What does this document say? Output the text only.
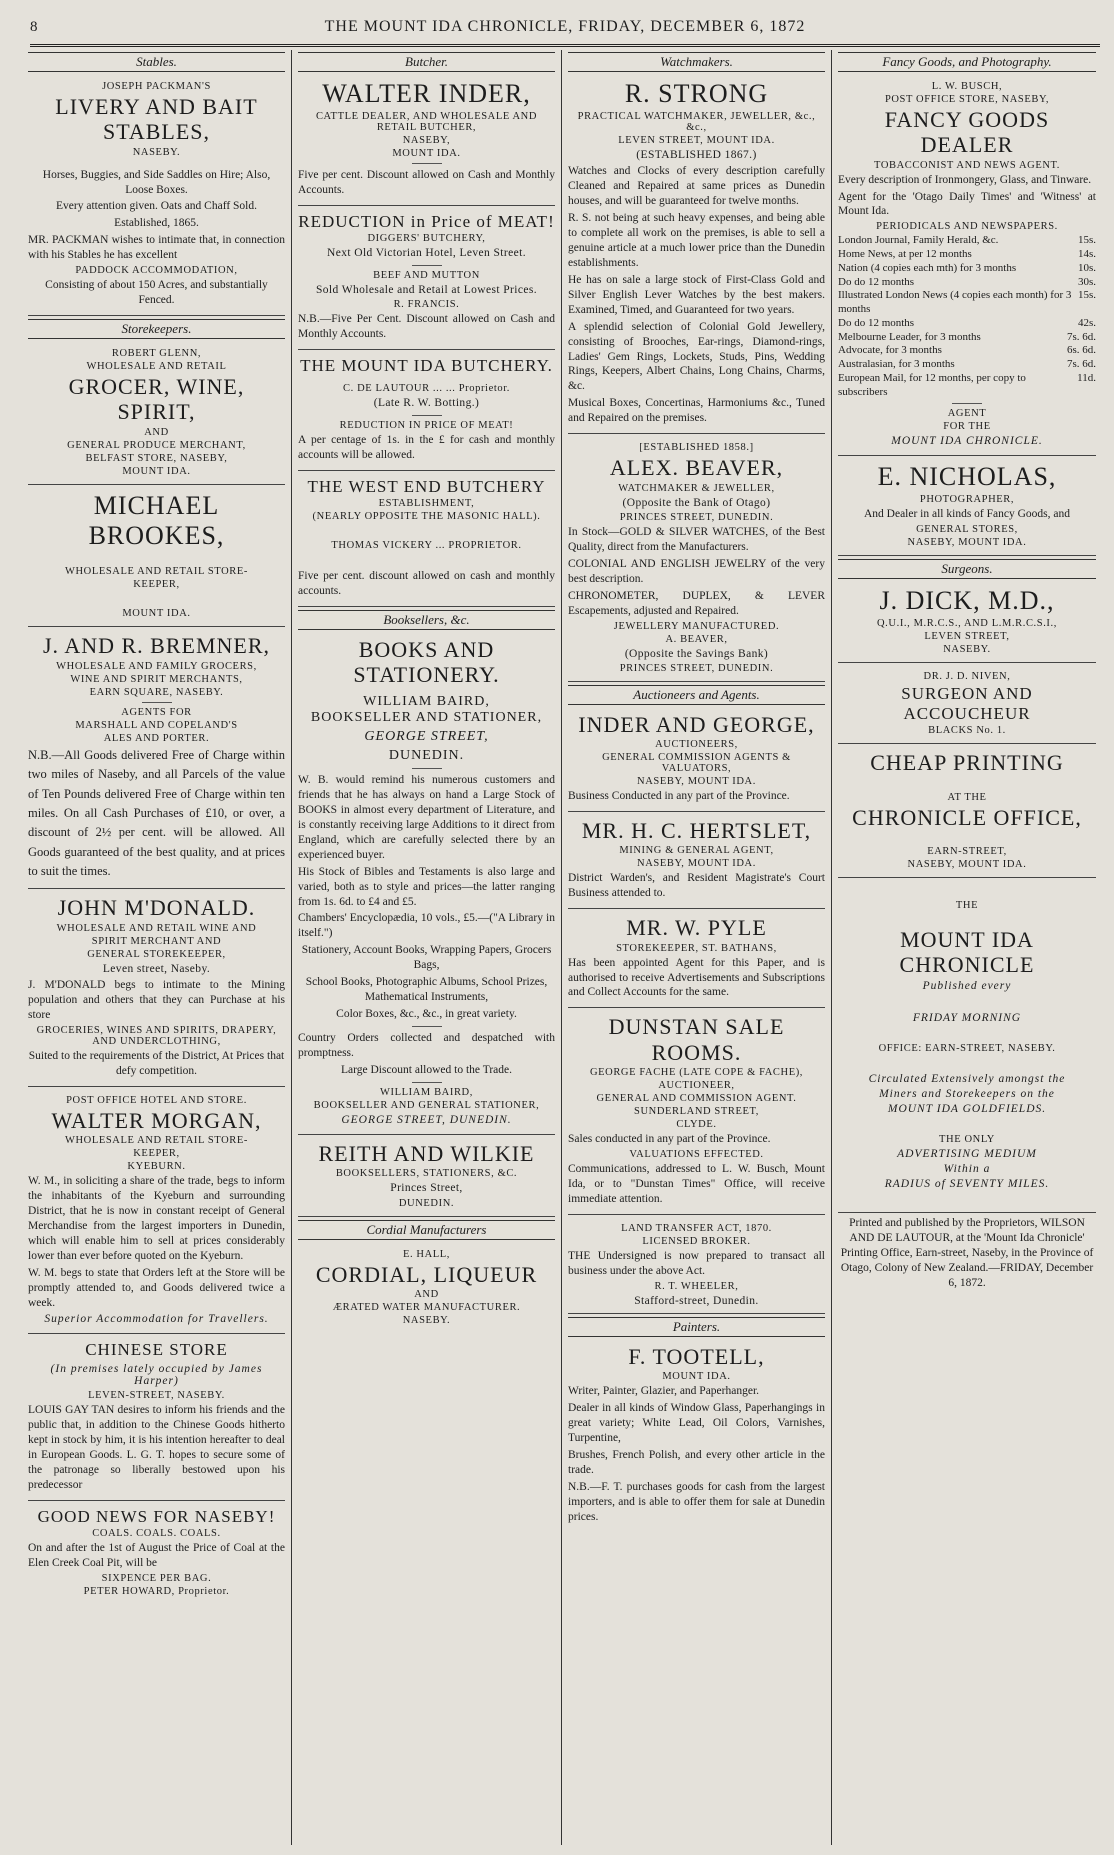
8	THE MOUNT IDA CHRONICLE, FRIDAY, DECEMBER 6, 1872
Stables.
JOSEPH PACKMAN'S
LIVERY AND BAIT STABLES,
NASEBY.
Horses, Buggies, and Side Saddles on Hire; Also, Loose Boxes.
Every attention given. Oats and Chaff Sold.
Established, 1865.
MR. PACKMAN wishes to intimate that, in connection with his Stables he has excellent
PADDOCK ACCOMMODATION,
Consisting of about 150 Acres, and substantially Fenced.
Storekeepers.
ROBERT GLENN,
WHOLESALE AND RETAIL
GROCER, WINE, SPIRIT,
AND
GENERAL PRODUCE MERCHANT,
BELFAST STORE, NASEBY,
MOUNT IDA.
MICHAEL BROOKES,
WHOLESALE AND RETAIL STORE-
KEEPER,
MOUNT IDA.
J. AND R. BREMNER,
WHOLESALE AND FAMILY GROCERS,
WINE AND SPIRIT MERCHANTS,
EARN SQUARE, NASEBY.
AGENTS FOR
MARSHALL AND COPELAND'S
ALES AND PORTER.
N.B.—All Goods delivered Free of Charge within two miles of Naseby, and all Parcels of the value of Ten Pounds delivered Free of Charge within ten miles. On all Cash Purchases of £10, or over, a discount of 2½ per cent. will be allowed. All Goods guaranteed of the best quality, and at prices to suit the times.
JOHN M'DONALD.
WHOLESALE AND RETAIL WINE AND
SPIRIT MERCHANT AND
GENERAL STOREKEEPER,
Leven street, Naseby.
J. M'DONALD begs to intimate to the Mining population and others that they can Purchase at his store
GROCERIES, WINES AND SPIRITS, DRAPERY, AND UNDERCLOTHING,
Suited to the requirements of the District, At Prices that defy competition.
POST OFFICE HOTEL AND STORE.
WALTER MORGAN,
WHOLESALE AND RETAIL STORE-
KEEPER,
KYEBURN.
W. M., in soliciting a share of the trade, begs to inform the inhabitants of the Kyeburn and surrounding District, that he is now in constant receipt of General Merchandise from the largest importers in Dunedin, which will enable him to sell at prices considerably lower than ever before quoted on the Kyeburn.
W. M. begs to state that Orders left at the Store will be promptly attended to, and Goods delivered twice a week.
Superior Accommodation for Travellers.
CHINESE STORE
(In premises lately occupied by James Harper)
LEVEN-STREET, NASEBY.
LOUIS GAY TAN desires to inform his friends and the public that, in addition to the Chinese Goods hitherto kept in stock by him, it is his intention hereafter to deal in European Goods. L. G. T. hopes to secure some of the patronage so liberally bestowed upon his predecessor
GOOD NEWS FOR NASEBY!
COALS. COALS. COALS.
On and after the 1st of August the Price of Coal at the Elen Creek Coal Pit, will be
SIXPENCE PER BAG.
PETER HOWARD, Proprietor.
Butcher.
WALTER INDER,
CATTLE DEALER, AND WHOLESALE AND RETAIL BUTCHER,
NASEBY,
MOUNT IDA.
Five per cent. Discount allowed on Cash and Monthly Accounts.
REDUCTION in Price of MEAT!
DIGGERS' BUTCHERY,
Next Old Victorian Hotel, Leven Street.
BEEF AND MUTTON
Sold Wholesale and Retail at Lowest Prices.
R. FRANCIS.
N.B.—Five Per Cent. Discount allowed on Cash and Monthly Accounts.
THE MOUNT IDA BUTCHERY.
C. DE LAUTOUR ... ... Proprietor.
(Late R. W. Botting.)
REDUCTION IN PRICE OF MEAT!
A per centage of 1s. in the £ for cash and monthly accounts will be allowed.
THE WEST END BUTCHERY
ESTABLISHMENT,
(NEARLY OPPOSITE THE MASONIC HALL).
THOMAS VICKERY ... PROPRIETOR.
Five per cent. discount allowed on cash and monthly accounts.
Booksellers, &c.
BOOKS AND STATIONERY.
WILLIAM BAIRD,
BOOKSELLER AND STATIONER,
GEORGE STREET,
DUNEDIN.
W. B. would remind his numerous customers and friends that he has always on hand a Large Stock of BOOKS in almost every department of Literature, and is constantly receiving large Additions to it direct from England, which are carefully selected there by an experienced buyer.
His Stock of Bibles and Testaments is also large and varied, both as to style and prices—the latter ranging from 1s. 6d. to £4 and £5.
Chambers' Encyclopædia, 10 vols., £5.—("A Library in itself.")
Stationery, Account Books, Wrapping Papers, Grocers Bags,
School Books, Photographic Albums, School Prizes, Mathematical Instruments,
Color Boxes, &c., &c., in great variety.
Country Orders collected and despatched with promptness.
Large Discount allowed to the Trade.
WILLIAM BAIRD,
BOOKSELLER AND GENERAL STATIONER,
GEORGE STREET, DUNEDIN.
REITH AND WILKIE
BOOKSELLERS, STATIONERS, &C.
Princes Street,
DUNEDIN.
Cordial Manufacturers
E. HALL,
CORDIAL, LIQUEUR
AND
ÆRATED WATER MANUFACTURER.
NASEBY.
Watchmakers.
R. STRONG
PRACTICAL WATCHMAKER, JEWELLER, &c., &c.,
LEVEN STREET, MOUNT IDA.
(ESTABLISHED 1867.)
Watches and Clocks of every description carefully Cleaned and Repaired at same prices as Dunedin houses, and will be guaranteed for twelve months.
R. S. not being at such heavy expenses, and being able to complete all work on the premises, is able to sell a genuine article at a much lower price than the Dunedin establishments.
He has on sale a large stock of First-Class Gold and Silver English Lever Watches by the best makers. Examined, Timed, and Guaranteed for two years.
A splendid selection of Colonial Gold Jewellery, consisting of Brooches, Ear-rings, Diamond-rings, Ladies' Gem Rings, Lockets, Studs, Pins, Wedding Rings, Keepers, Albert Chains, Long Chains, Charms, &c.
Musical Boxes, Concertinas, Harmoniums &c., Tuned and Repaired on the premises.
[ESTABLISHED 1858.]
ALEX. BEAVER,
WATCHMAKER & JEWELLER,
(Opposite the Bank of Otago)
PRINCES STREET, DUNEDIN.
In Stock—GOLD & SILVER WATCHES, of the Best Quality, direct from the Manufacturers.
COLONIAL AND ENGLISH JEWELRY of the very best description.
CHRONOMETER, DUPLEX, & LEVER Escapements, adjusted and Repaired.
JEWELLERY MANUFACTURED.
A. BEAVER,
(Opposite the Savings Bank)
PRINCES STREET, DUNEDIN.
Auctioneers and Agents.
INDER AND GEORGE,
AUCTIONEERS,
GENERAL COMMISSION AGENTS & VALUATORS,
NASEBY, MOUNT IDA.
Business Conducted in any part of the Province.
MR. H. C. HERTSLET,
MINING & GENERAL AGENT,
NASEBY, MOUNT IDA.
District Warden's, and Resident Magistrate's Court Business attended to.
MR. W. PYLE
STOREKEEPER, ST. BATHANS,
Has been appointed Agent for this Paper, and is authorised to receive Advertisements and Subscriptions and Collect Accounts for the same.
DUNSTAN SALE ROOMS.
GEORGE FACHE (LATE COPE & FACHE),
AUCTIONEER,
GENERAL AND COMMISSION AGENT.
SUNDERLAND STREET,
CLYDE.
Sales conducted in any part of the Province.
VALUATIONS EFFECTED.
Communications, addressed to L. W. Busch, Mount Ida, or to "Dunstan Times" Office, will receive immediate attention.
LAND TRANSFER ACT, 1870.
LICENSED BROKER.
THE Undersigned is now prepared to transact all business under the above Act.
R. T. WHEELER,
Stafford-street, Dunedin.
Painters.
F. TOOTELL,
MOUNT IDA.
Writer, Painter, Glazier, and Paperhanger.
Dealer in all kinds of Window Glass, Paperhangings in great variety; White Lead, Oil Colors, Varnishes, Turpentine,
Brushes, French Polish, and every other article in the trade.
N.B.—F. T. purchases goods for cash from the largest importers, and is able to offer them for sale at Dunedin prices.
Fancy Goods, and Photography.
L. W. BUSCH,
POST OFFICE STORE, NASEBY,
FANCY GOODS DEALER
TOBACCONIST AND NEWS AGENT.
Every description of Ironmongery, Glass, and Tinware.
Agent for the 'Otago Daily Times' and 'Witness' at Mount Ida.
PERIODICALS AND NEWSPAPERS.
London Journal, Family Herald, &c.	15s.
Home News, at per 12 months	14s.
Nation (4 copies each mth) for 3 months	10s.
Do do 12 months	30s.
Illustrated London News (4 copies each month) for 3 months
15s.
Do do 12 months	42s.
Melbourne Leader, for 3 months	7s. 6d.
Advocate, for 3 months	6s. 6d.
Australasian, for 3 months	7s. 6d.
European Mail, for 12 months, per copy to subscribers
11d.
AGENT
FOR THE
MOUNT IDA CHRONICLE.
E. NICHOLAS,
PHOTOGRAPHER,
And Dealer in all kinds of Fancy Goods, and
GENERAL STORES,
NASEBY, MOUNT IDA.
Surgeons.
J. DICK, M.D.,
Q.U.I., M.R.C.S., AND L.M.R.C.S.I.,
LEVEN STREET,
NASEBY.
DR. J. D. NIVEN,
SURGEON AND ACCOUCHEUR
BLACKS No. 1.
CHEAP PRINTING
AT THE
CHRONICLE OFFICE,
EARN-STREET,
NASEBY, MOUNT IDA.
THE
MOUNT IDA CHRONICLE
Published every
FRIDAY MORNING
OFFICE: EARN-STREET, NASEBY.
Circulated Extensively amongst the
Miners and Storekeepers on the
MOUNT IDA GOLDFIELDS.
THE ONLY
ADVERTISING MEDIUM
Within a
RADIUS of SEVENTY MILES.
Printed and published by the Proprietors, WILSON AND DE LAUTOUR, at the 'Mount Ida Chronicle' Printing Office, Earn-street, Naseby, in the Province of Otago, Colony of New Zealand.—FRIDAY, December 6, 1872.
